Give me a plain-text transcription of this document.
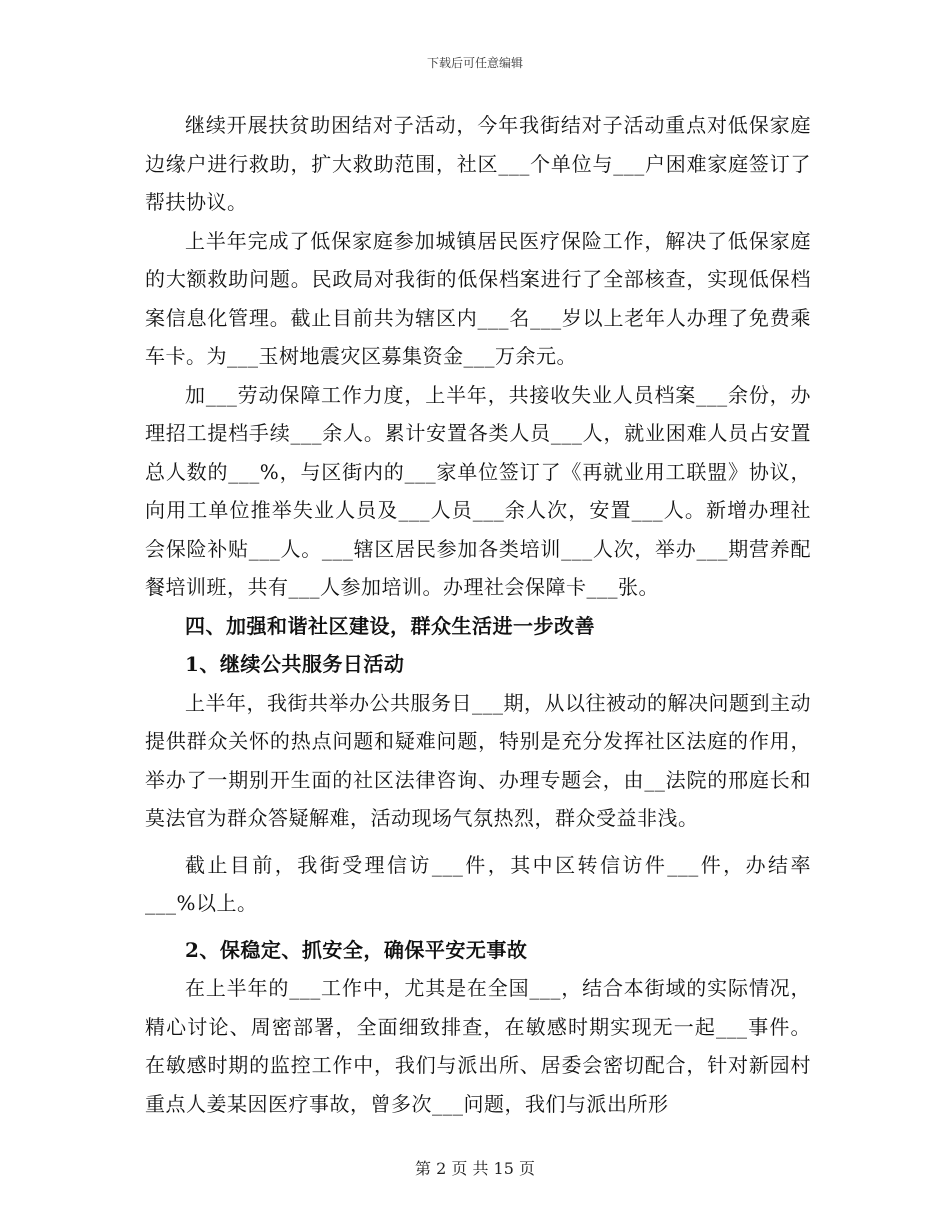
下载后可任意编辑

继续开展扶贫助困结对子活动，今年我街结对子活动重点对低保家庭边缘户进行救助，扩大救助范围，社区___个单位与___户困难家庭签订了帮扶协议。

上半年完成了低保家庭参加城镇居民医疗保险工作，解决了低保家庭的大额救助问题。民政局对我街的低保档案进行了全部核查，实现低保档案信息化管理。截止目前共为辖区内___名___岁以上老年人办理了免费乘车卡。为___玉树地震灾区募集资金___万余元。

加___劳动保障工作力度，上半年，共接收失业人员档案___余份，办理招工提档手续___余人。累计安置各类人员___人，就业困难人员占安置总人数的___%，与区街内的___家单位签订了《再就业用工联盟》协议，向用工单位推举失业人员及___人员___余人次，安置___人。新增办理社会保险补贴___人。___辖区居民参加各类培训___人次，举办___期营养配餐培训班，共有___人参加培训。办理社会保障卡___张。

四、加强和谐社区建设，群众生活进一步改善

1、继续公共服务日活动

上半年，我街共举办公共服务日___期，从以往被动的解决问题到主动提供群众关怀的热点问题和疑难问题，特别是充分发挥社区法庭的作用，举办了一期别开生面的社区法律咨询、办理专题会，由__法院的邢庭长和莫法官为群众答疑解难，活动现场气氛热烈，群众受益非浅。

截止目前，我街受理信访___件，其中区转信访件___件，办结率___%以上。

2、保稳定、抓安全，确保平安无事故

在上半年的___工作中，尤其是在全国___，结合本街域的实际情况，精心讨论、周密部署，全面细致排查，在敏感时期实现无一起___事件。在敏感时期的监控工作中，我们与派出所、居委会密切配合，针对新园村重点人姜某因医疗事故，曾多次___问题，我们与派出所形

第 2 页 共 15 页
